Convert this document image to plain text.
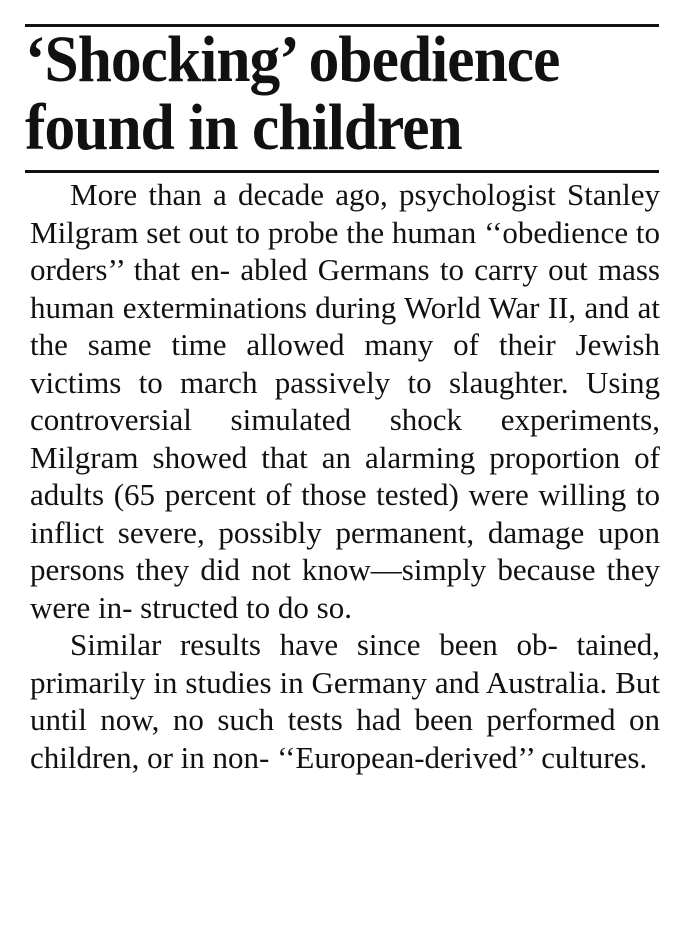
‘Shocking’ obedience
found in children

More than a decade ago, psychologist Stanley Milgram set out to probe the human ‘‘obedience to orders’’ that en- abled Germans to carry out mass human exterminations during World War II, and at the same time allowed many of their Jewish victims to march passively to slaughter. Using controversial simulated shock experiments, Milgram showed that an alarming proportion of adults (65 percent of those tested) were willing to inflict severe, possibly permanent, damage upon persons they did not know—simply because they were in- structed to do so.

Similar results have since been ob- tained, primarily in studies in Germany and Australia. But until now, no such tests had been performed on children, or in non- ‘‘European-derived’’ cultures.
